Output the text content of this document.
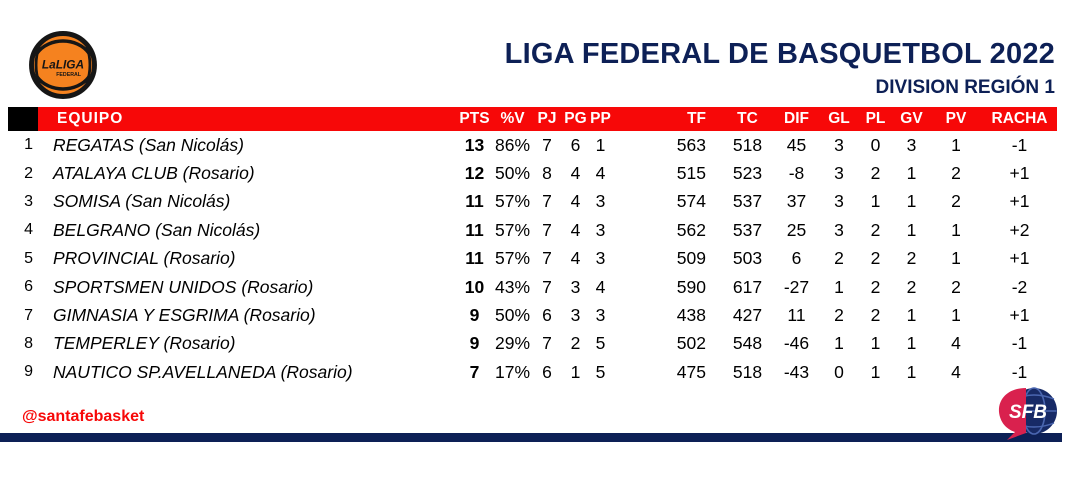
LaLIGA
FEDERAL
LIGA FEDERAL DE BASQUETBOL 2022
DIVISION REGIÓN 1
	EQUIPO	PTS	%V	PJ	PG	PP	TF	TC	DIF	GL	PL	GV	PV	RACHA
1	REGATAS (San Nicolás)	13	86%	7	6	1	563	518	45	3	0	3	1	-1
2	ATALAYA CLUB (Rosario)	12	50%	8	4	4	515	523	-8	3	2	1	2	+1
3	SOMISA (San Nicolás)	11	57%	7	4	3	574	537	37	3	1	1	2	+1
4	BELGRANO (San Nicolás)	11	57%	7	4	3	562	537	25	3	2	1	1	+2
5	PROVINCIAL (Rosario)	11	57%	7	4	3	509	503	6	2	2	2	1	+1
6	SPORTSMEN UNIDOS (Rosario)	10	43%	7	3	4	590	617	-27	1	2	2	2	-2
7	GIMNASIA Y ESGRIMA (Rosario)	9	50%	6	3	3	438	427	11	2	2	1	1	+1
8	TEMPERLEY (Rosario)	9	29%	7	2	5	502	548	-46	1	1	1	4	-1
9	NAUTICO SP.AVELLANEDA (Rosario)	7	17%	6	1	5	475	518	-43	0	1	1	4	-1
@santafebasket	SFB
